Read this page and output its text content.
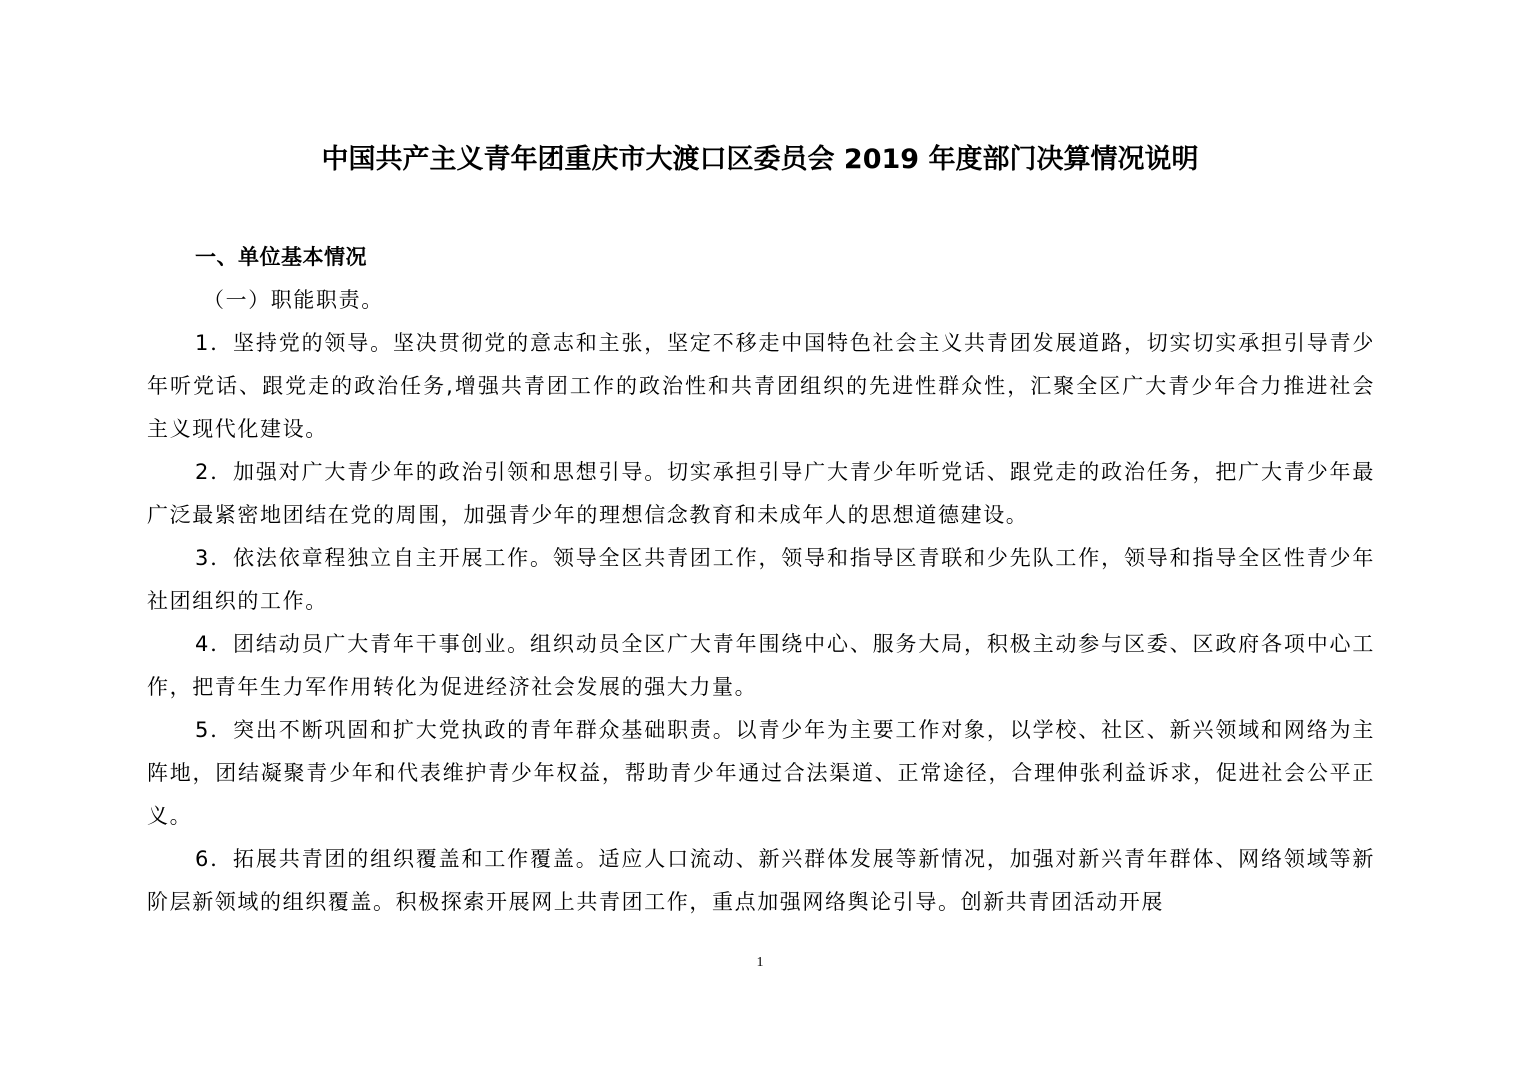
中国共产主义青年团重庆市大渡口区委员会 2019 年度部门决算情况说明

一、单位基本情况

（一）职能职责。

1．坚持党的领导。坚决贯彻党的意志和主张，坚定不移走中国特色社会主义共青团发展道路，切实切实承担引导青少年听党话、跟党走的政治任务,增强共青团工作的政治性和共青团组织的先进性群众性，汇聚全区广大青少年合力推进社会主义现代化建设。

2．加强对广大青少年的政治引领和思想引导。切实承担引导广大青少年听党话、跟党走的政治任务，把广大青少年最广泛最紧密地团结在党的周围，加强青少年的理想信念教育和未成年人的思想道德建设。

3．依法依章程独立自主开展工作。领导全区共青团工作，领导和指导区青联和少先队工作，领导和指导全区性青少年社团组织的工作。

4．团结动员广大青年干事创业。组织动员全区广大青年围绕中心、服务大局，积极主动参与区委、区政府各项中心工作，把青年生力军作用转化为促进经济社会发展的强大力量。

5．突出不断巩固和扩大党执政的青年群众基础职责。以青少年为主要工作对象，以学校、社区、新兴领域和网络为主阵地，团结凝聚青少年和代表维护青少年权益，帮助青少年通过合法渠道、正常途径，合理伸张利益诉求，促进社会公平正义。

6．拓展共青团的组织覆盖和工作覆盖。适应人口流动、新兴群体发展等新情况，加强对新兴青年群体、网络领域等新阶层新领域的组织覆盖。积极探索开展网上共青团工作，重点加强网络舆论引导。创新共青团活动开展

1
